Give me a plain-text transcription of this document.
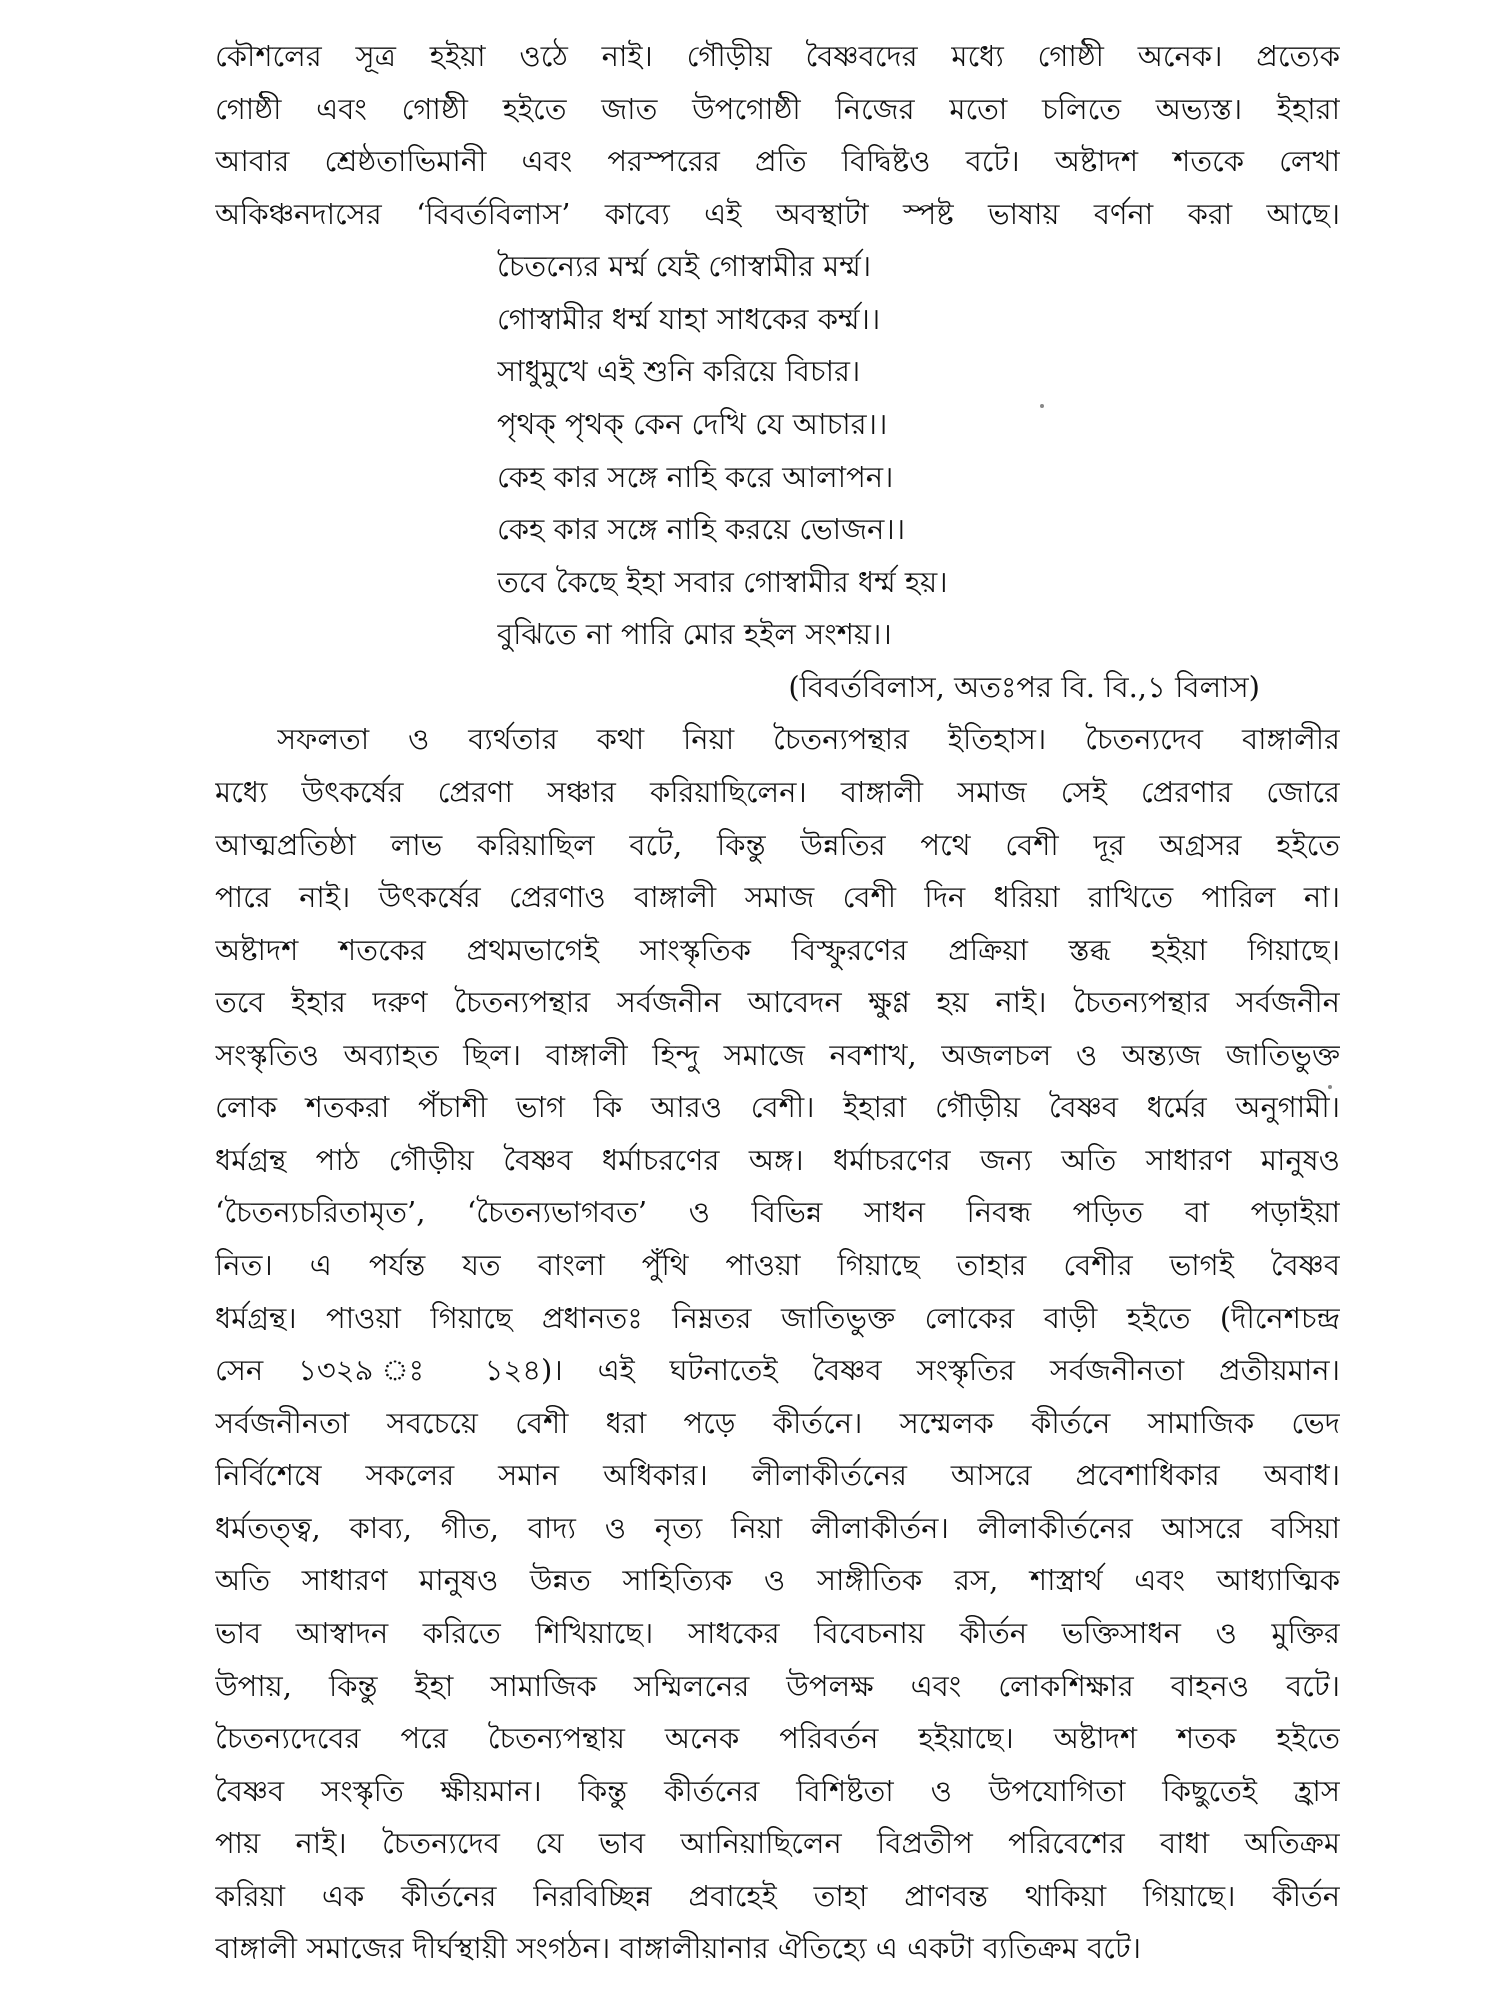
কৌশলের সূত্র হইয়া ওঠে নাই। গৌড়ীয় বৈষ্ণবদের মধ্যে গোষ্ঠী অনেক। প্রত্যেক
গোষ্ঠী এবং গোষ্ঠী হইতে জাত উপগোষ্ঠী নিজের মতো চলিতে অভ্যস্ত। ইহারা
আবার শ্রেষ্ঠতাভিমানী এবং পরস্পরের প্রতি বিদ্বিষ্টও বটে। অষ্টাদশ শতকে লেখা
অকিঞ্চনদাসের ‘বিবর্তবিলাস’ কাব্যে এই অবস্থাটা স্পষ্ট ভাষায় বর্ণনা করা আছে।
চৈতন্যের মর্ম্ম যেই গোস্বামীর মর্ম্ম।
গোস্বামীর ধর্ম্ম যাহা সাধকের কর্ম্ম।।
সাধুমুখে এই শুনি করিয়ে বিচার।
পৃথক্ পৃথক্ কেন দেখি যে আচার।।
কেহ কার সঙ্গে নাহি করে আলাপন।
কেহ কার সঙ্গে নাহি করয়ে ভোজন।।
তবে কৈছে ইহা সবার গোস্বামীর ধর্ম্ম হয়।
বুঝিতে না পারি মোর হইল সংশয়।।
(বিবর্তবিলাস, অতঃপর বি. বি.,১ বিলাস)
সফলতা ও ব্যর্থতার কথা নিয়া চৈতন্যপন্থার ইতিহাস। চৈতন্যদেব বাঙ্গালীর
মধ্যে উৎকর্ষের প্রেরণা সঞ্চার করিয়াছিলেন। বাঙ্গালী সমাজ সেই প্রেরণার জোরে
আত্মপ্রতিষ্ঠা লাভ করিয়াছিল বটে, কিন্তু উন্নতির পথে বেশী দূর অগ্রসর হইতে
পারে নাই। উৎকর্ষের প্রেরণাও বাঙ্গালী সমাজ বেশী দিন ধরিয়া রাখিতে পারিল না।
অষ্টাদশ শতকের প্রথমভাগেই সাংস্কৃতিক বিস্ফুরণের প্রক্রিয়া স্তব্ধ হইয়া গিয়াছে।
তবে ইহার দরুণ চৈতন্যপন্থার সর্বজনীন আবেদন ক্ষুণ্ণ হয় নাই। চৈতন্যপন্থার সর্বজনীন
সংস্কৃতিও অব্যাহত ছিল। বাঙ্গালী হিন্দু সমাজে নবশাখ, অজলচল ও অন্ত্যজ জাতিভুক্ত
লোক শতকরা পঁচাশী ভাগ কি আরও বেশী। ইহারা গৌড়ীয় বৈষ্ণব ধর্মের অনুগামী।
ধর্মগ্রন্থ পাঠ গৌড়ীয় বৈষ্ণব ধর্মাচরণের অঙ্গ। ধর্মাচরণের জন্য অতি সাধারণ মানুষও
‘চৈতন্যচরিতামৃত’, ‘চৈতন্যভাগবত’ ও বিভিন্ন সাধন নিবন্ধ পড়িত বা পড়াইয়া
নিত। এ পর্যন্ত যত বাংলা পুঁথি পাওয়া গিয়াছে তাহার বেশীর ভাগই বৈষ্ণব
ধর্মগ্রন্থ। পাওয়া গিয়াছে প্রধানতঃ নিম্নতর জাতিভুক্ত লোকের বাড়ী হইতে (দীনেশচন্দ্র
সেন ১৩২৯ ঃ ১২৪)। এই ঘটনাতেই বৈষ্ণব সংস্কৃতির সর্বজনীনতা প্রতীয়মান।
সর্বজনীনতা সবচেয়ে বেশী ধরা পড়ে কীর্তনে। সম্মেলক কীর্তনে সামাজিক ভেদ
নির্বিশেষে সকলের সমান অধিকার। লীলাকীর্তনের আসরে প্রবেশাধিকার অবাধ।
ধর্মতত্ত্ব, কাব্য, গীত, বাদ্য ও নৃত্য নিয়া লীলাকীর্তন। লীলাকীর্তনের আসরে বসিয়া
অতি সাধারণ মানুষও উন্নত সাহিত্যিক ও সাঙ্গীতিক রস, শাস্ত্রার্থ এবং আধ্যাত্মিক
ভাব আস্বাদন করিতে শিখিয়াছে। সাধকের বিবেচনায় কীর্তন ভক্তিসাধন ও মুক্তির
উপায়, কিন্তু ইহা সামাজিক সম্মিলনের উপলক্ষ এবং লোকশিক্ষার বাহনও বটে।
চৈতন্যদেবের পরে চৈতন্যপন্থায় অনেক পরিবর্তন হইয়াছে। অষ্টাদশ শতক হইতে
বৈষ্ণব সংস্কৃতি ক্ষীয়মান। কিন্তু কীর্তনের বিশিষ্টতা ও উপযোগিতা কিছুতেই হ্রাস
পায় নাই। চৈতন্যদেব যে ভাব আনিয়াছিলেন বিপ্রতীপ পরিবেশের বাধা অতিক্রম
করিয়া এক কীর্তনের নিরবিচ্ছিন্ন প্রবাহেই তাহা প্রাণবন্ত থাকিয়া গিয়াছে। কীর্তন
বাঙ্গালী সমাজের দীর্ঘস্থায়ী সংগঠন। বাঙ্গালীয়ানার ঐতিহ্যে এ একটা ব্যতিক্রম বটে।
